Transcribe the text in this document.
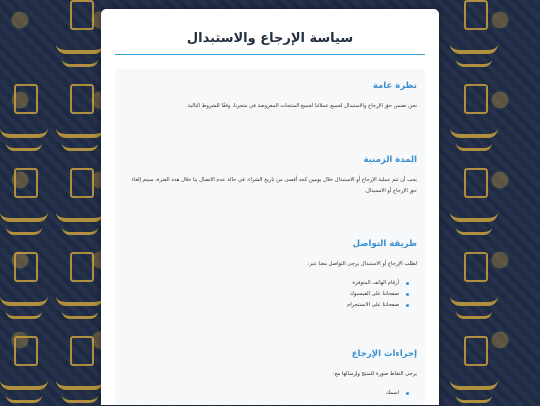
سياسة الإرجاع والاستبدال
نظرة عامة

نحن نضمن حق الإرجاع والاستبدال لجميع عملائنا لجميع المنتجات المعروضة في متجرنا، وفقًا للشروط التالية.

المدة الزمنية

يجب أن تتم عملية الإرجاع أو الاستبدال خلال يومين كحد أقصى من تاريخ الشراء. في حالة عدم الاتصال بنا خلال هذه الفترة، سيتم إلغاء حق الإرجاع أو الاستبدال.

طريقة التواصل

لطلب الإرجاع أو الاستبدال يرجى التواصل معنا عبر:

أرقام الهاتف المتوفرة
صفحاتنا على الفيسبوك
صفحاتنا على الانستجرام
إجراءات الإرجاع

يرجى التقاط صورة للمنتج وإرسالها مع:

اسمك
